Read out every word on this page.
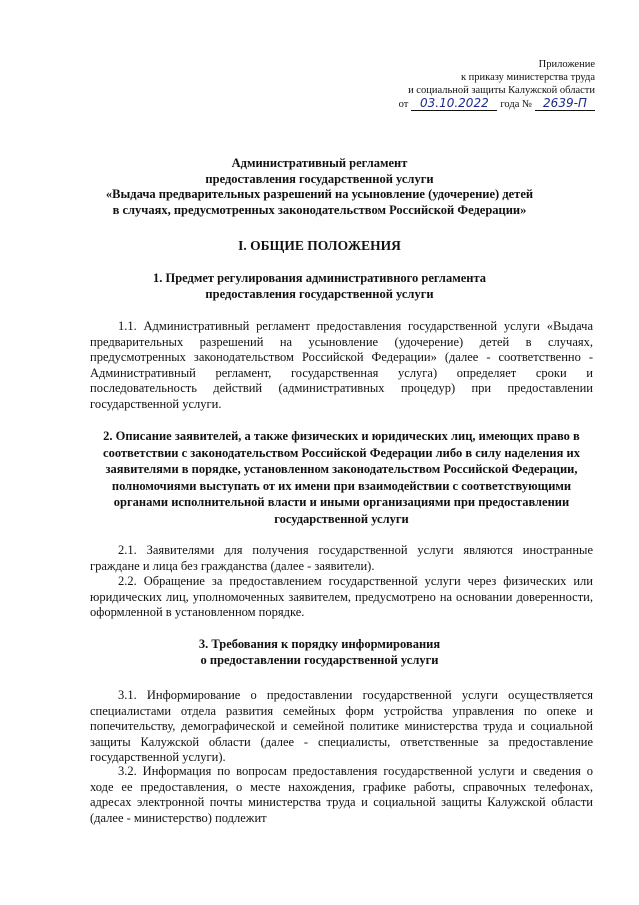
Приложение
к приказу министерства труда
и социальной защиты Калужской области
от 03.10.2022	года № 2639-П
Административный регламент
предоставления государственной услуги
«Выдача предварительных разрешений на усыновление (удочерение) детей
в случаях, предусмотренных законодательством Российской Федерации»
I. ОБЩИЕ ПОЛОЖЕНИЯ
1. Предмет регулирования административного регламента
предоставления государственной услуги

1.1. Административный регламент предоставления государственной услуги «Выдача предварительных разрешений на усыновление (удочерение) детей в случаях, предусмотренных законодательством Российской Федерации» (далее - соответственно - Административный регламент, государственная услуга) определяет сроки и последовательность действий (административных процедур) при предоставлении государственной услуги.

2. Описание заявителей, а также физических и юридических лиц, имеющих право в соответствии с законодательством Российской Федерации либо в силу наделения их заявителями в порядке, установленном законодательством Российской Федерации, полномочиями выступать от их имени при взаимодействии с соответствующими органами исполнительной власти и иными организациями при предоставлении государственной услуги

2.1. Заявителями для получения государственной услуги являются иностранные граждане и лица без гражданства (далее - заявители).

2.2. Обращение за предоставлением государственной услуги через физических или юридических лиц, уполномоченных заявителем, предусмотрено на основании доверенности, оформленной в установленном порядке.

3. Требования к порядку информирования
о предоставлении государственной услуги

3.1. Информирование о предоставлении государственной услуги осуществляется специалистами отдела развития семейных форм устройства управления по опеке и попечительству, демографической и семейной политике министерства труда и социальной защиты Калужской области (далее - специалисты, ответственные за предоставление государственной услуги).

3.2. Информация по вопросам предоставления государственной услуги и сведения о ходе ее предоставления, о месте нахождения, графике работы, справочных телефонах, адресах электронной почты министерства труда и социальной защиты Калужской области (далее - министерство) подлежит
